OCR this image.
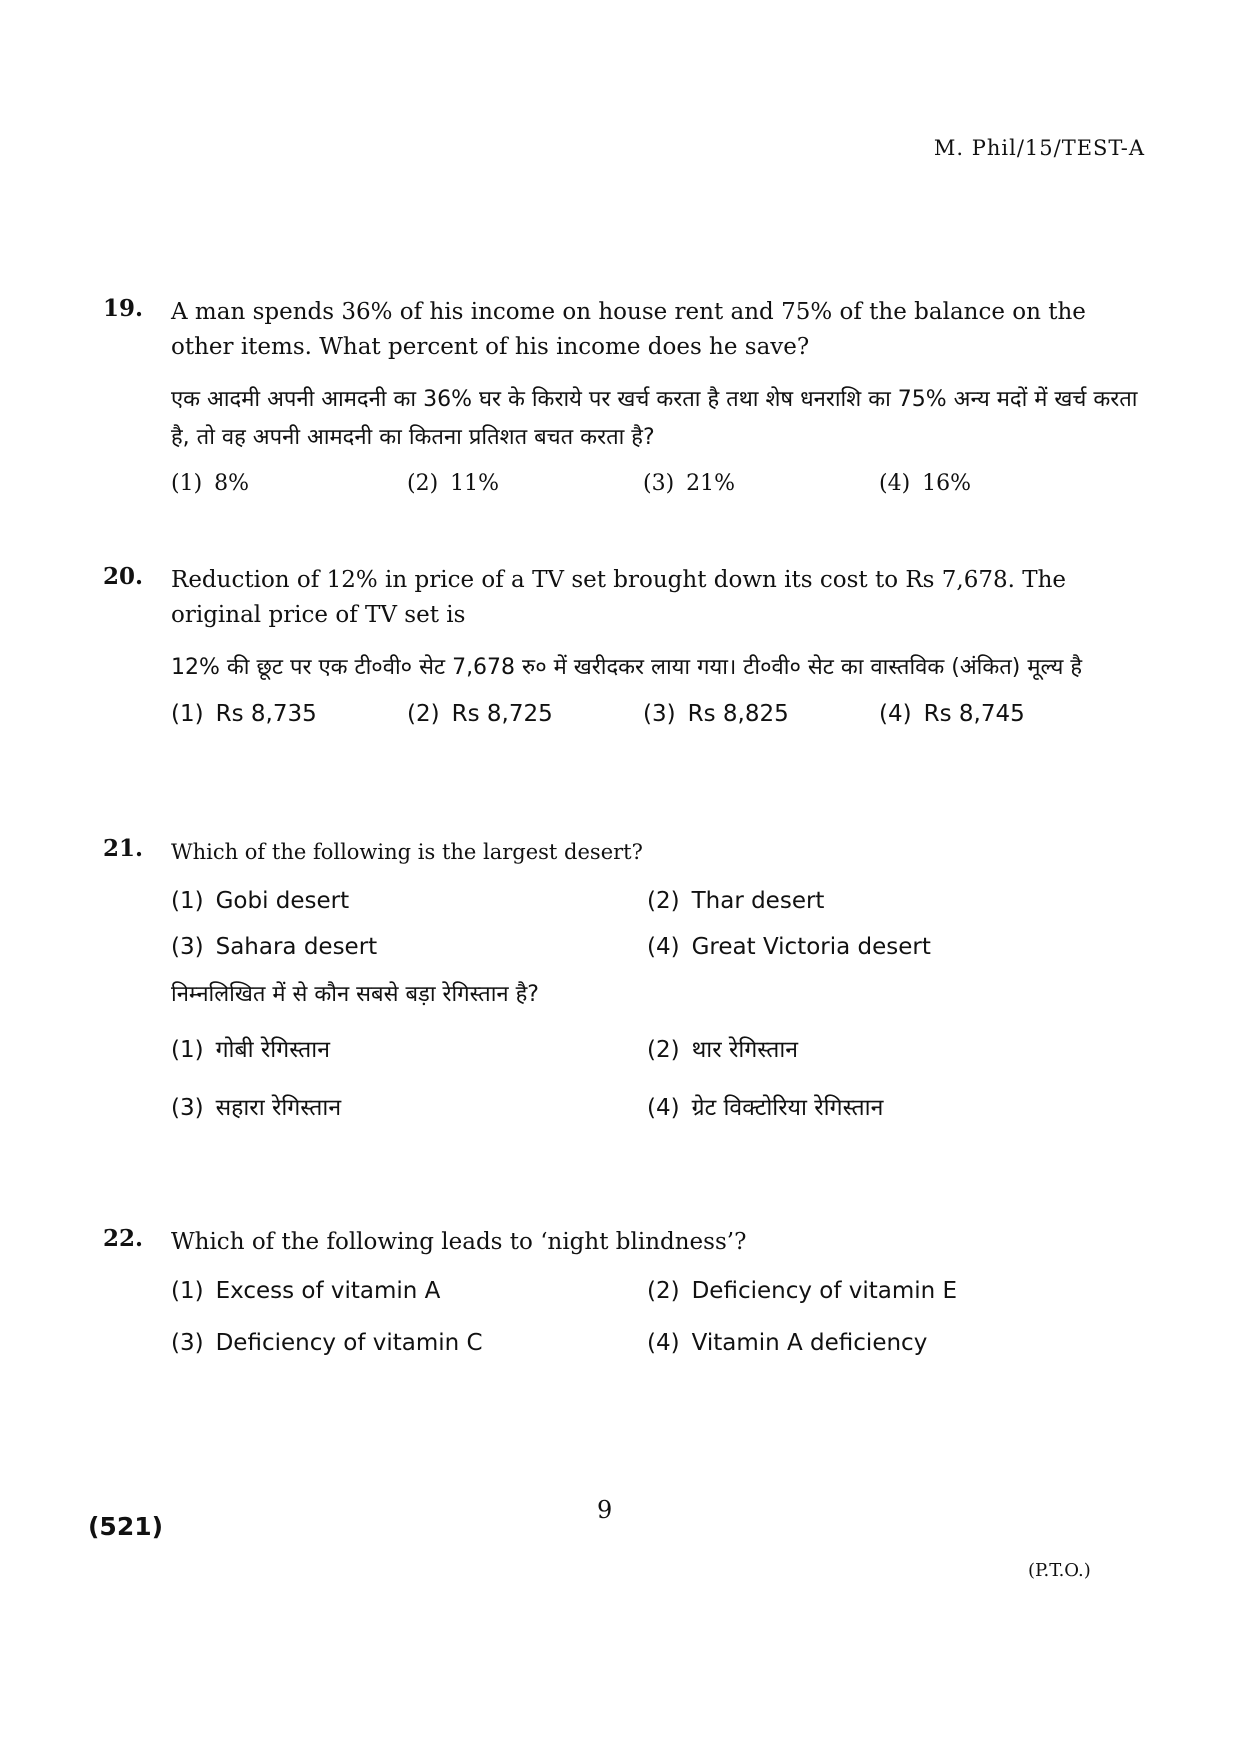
M. Phil/15/TEST-A
19. A man spends 36% of his income on house rent and 75% of the balance on the other items. What percent of his income does he save?
एक आदमी अपनी आमदनी का 36% घर के किराये पर खर्च करता है तथा शेष धनराशि का 75% अन्य मदों में खर्च करता है, तो वह अपनी आमदनी का कितना प्रतिशत बचत करता है?
(1) 8%	(2) 11%	(3) 21%	(4) 16%
20. Reduction of 12% in price of a TV set brought down its cost to Rs 7,678. The original price of TV set is
12% की छूट पर एक टी०वी० सेट 7,678 रु० में खरीदकर लाया गया। टी०वी० सेट का वास्तविक (अंकित) मूल्य है
(1) Rs 8,735	(2) Rs 8,725	(3) Rs 8,825	(4) Rs 8,745
21. Which of the following is the largest desert?
(1) Gobi desert	(2) Thar desert
(3) Sahara desert	(4) Great Victoria desert
निम्नलिखित में से कौन सबसे बड़ा रेगिस्तान है?
(1) गोबी रेगिस्तान	(2) थार रेगिस्तान
(3) सहारा रेगिस्तान	(4) ग्रेट विक्टोरिया रेगिस्तान
22. Which of the following leads to ‘night blindness’?
(1) Excess of vitamin A	(2) Deficiency of vitamin E
(3) Deficiency of vitamin C	(4) Vitamin A deficiency
9
(521)
(P.T.O.)
